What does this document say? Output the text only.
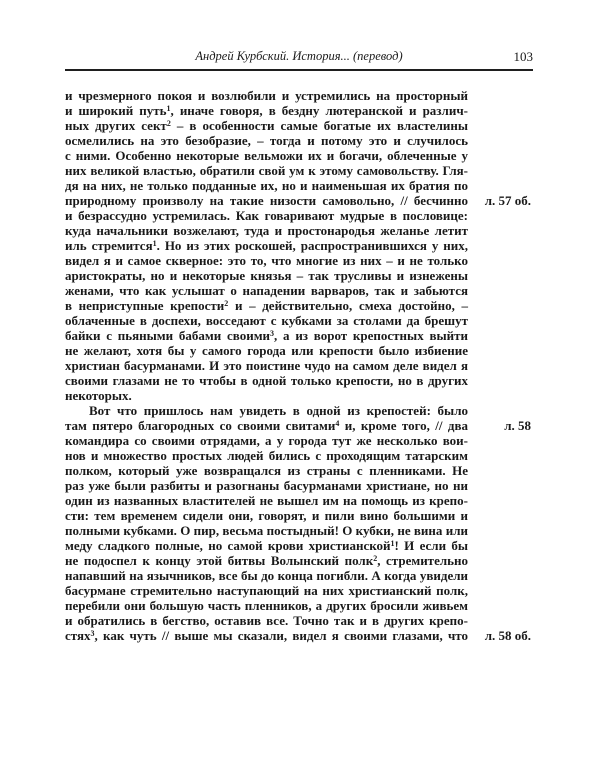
Андрей Курбский. История... (перевод)	103
и чрезмерного покоя и возлюбили и устремились на просторный
и широкий путь$^1$, иначе говоря, в бездну лютеранской и различ-
ных других сект$^2$ – в особенности самые богатые их властелины
осмелились на это безобразие, – тогда и потому это и случилось
с ними. Особенно некоторые вельможи их и богачи, облеченные у
них великой властью, обратили свой ум к этому самовольству. Гля-
дя на них, не только подданные их, но и наименьшая их братия по
природному произволу на такие низости самовольно, // бесчинно л. 57 об.
и безрассудно устремилась. Как говаривают мудрые в пословице:
куда начальники возжелают, туда и простонародья желанье летит
иль стремится$^1$. Но из этих роскошей, распространившихся у них,
видел я и самое скверное: это то, что многие из них – и не только
аристократы, но и некоторые князья – так трусливы и изнежены
женами, что как услышат о нападении варваров, так и забьются
в неприступные крепости$^2$ и – действительно, смеха достойно, –
облаченные в доспехи, восседают с кубками за столами да брешут
байки с пьяными бабами своими$^3$, а из ворот крепостных выйти
не желают, хотя бы у самого города или крепости было избиение
христиан басурманами. И это поистине чудо на самом деле видел я
своими глазами не то чтобы в одной только крепости, но в других
некоторых.
Вот что пришлось нам увидеть в одной из крепостей: было
там пятеро благородных со своими свитами$^4$ и, кроме того, // два	л. 58
командира со своими отрядами, а у города тут же несколько вои-
нов и множество простых людей бились с проходящим татарским
полком, который уже возвращался из страны с пленниками. Не
раз уже были разбиты и разогнаны басурманами христиане, но ни
один из названных властителей не вышел им на помощь из крепо-
сти: тем временем сидели они, говорят, и пили вино большими и
полными кубками. О пир, весьма постыдный! О кубки, не вина или
меду сладкого полные, но самой крови христианской$^1$! И если бы
не подоспел к концу этой битвы Волынский полк$^2$, стремительно
напавший на язычников, все бы до конца погибли. А когда увидели
басурмане стремительно наступающий на них христианский полк,
перебили они большую часть пленников, а других бросили живьем
и обратились в бегство, оставив все. Точно так и в других крепо-
стях$^3$, как чуть // выше мы сказали, видел я своими глазами, что л. 58 об.
